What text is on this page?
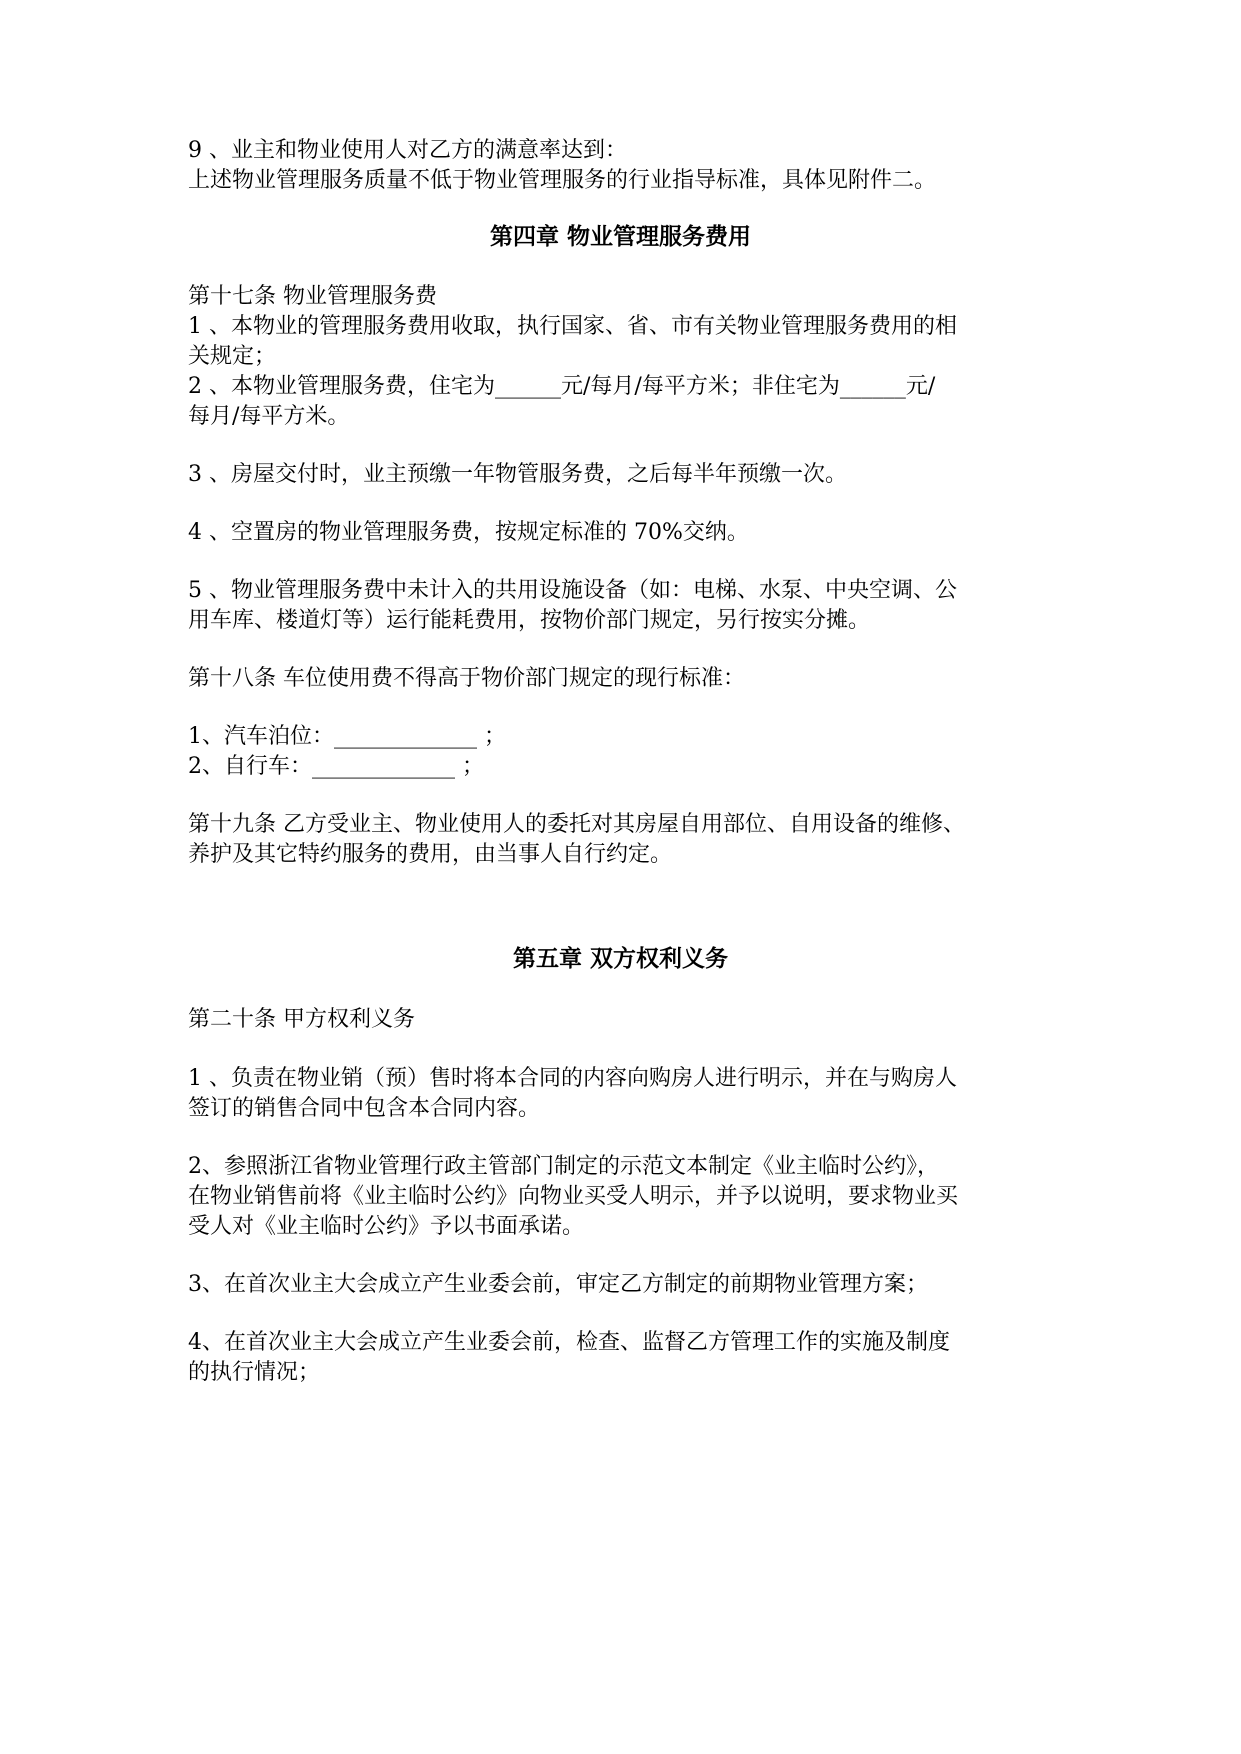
9 、业主和物业使用人对乙方的满意率达到：

上述物业管理服务质量不低于物业管理服务的行业指导标准，具体见附件二。

第四章 物业管理服务费用

第十七条 物业管理服务费

1 、本物业的管理服务费用收取，执行国家、省、市有关物业管理服务费用的相

关规定；

2 、本物业管理服务费，住宅为______元/每月/每平方米；非住宅为______元/

每月/每平方米。

3 、房屋交付时，业主预缴一年物管服务费，之后每半年预缴一次。

4 、空置房的物业管理服务费，按规定标准的 70%交纳。

5 、物业管理服务费中未计入的共用设施设备（如：电梯、水泵、中央空调、公

用车库、楼道灯等）运行能耗费用，按物价部门规定，另行按实分摊。

第十八条 车位使用费不得高于物价部门规定的现行标准：

1、汽车泊位：_____________ ；

2、自行车：_____________ ；

第十九条 乙方受业主、物业使用人的委托对其房屋自用部位、自用设备的维修、

养护及其它特约服务的费用，由当事人自行约定。

第五章 双方权利义务

第二十条 甲方权利义务

1 、负责在物业销（预）售时将本合同的内容向购房人进行明示，并在与购房人

签订的销售合同中包含本合同内容。

2、参照浙江省物业管理行政主管部门制定的示范文本制定《业主临时公约》，

在物业销售前将《业主临时公约》向物业买受人明示，并予以说明，要求物业买

受人对《业主临时公约》予以书面承诺。

3、在首次业主大会成立产生业委会前，审定乙方制定的前期物业管理方案；

4、在首次业主大会成立产生业委会前，检查、监督乙方管理工作的实施及制度

的执行情况；
